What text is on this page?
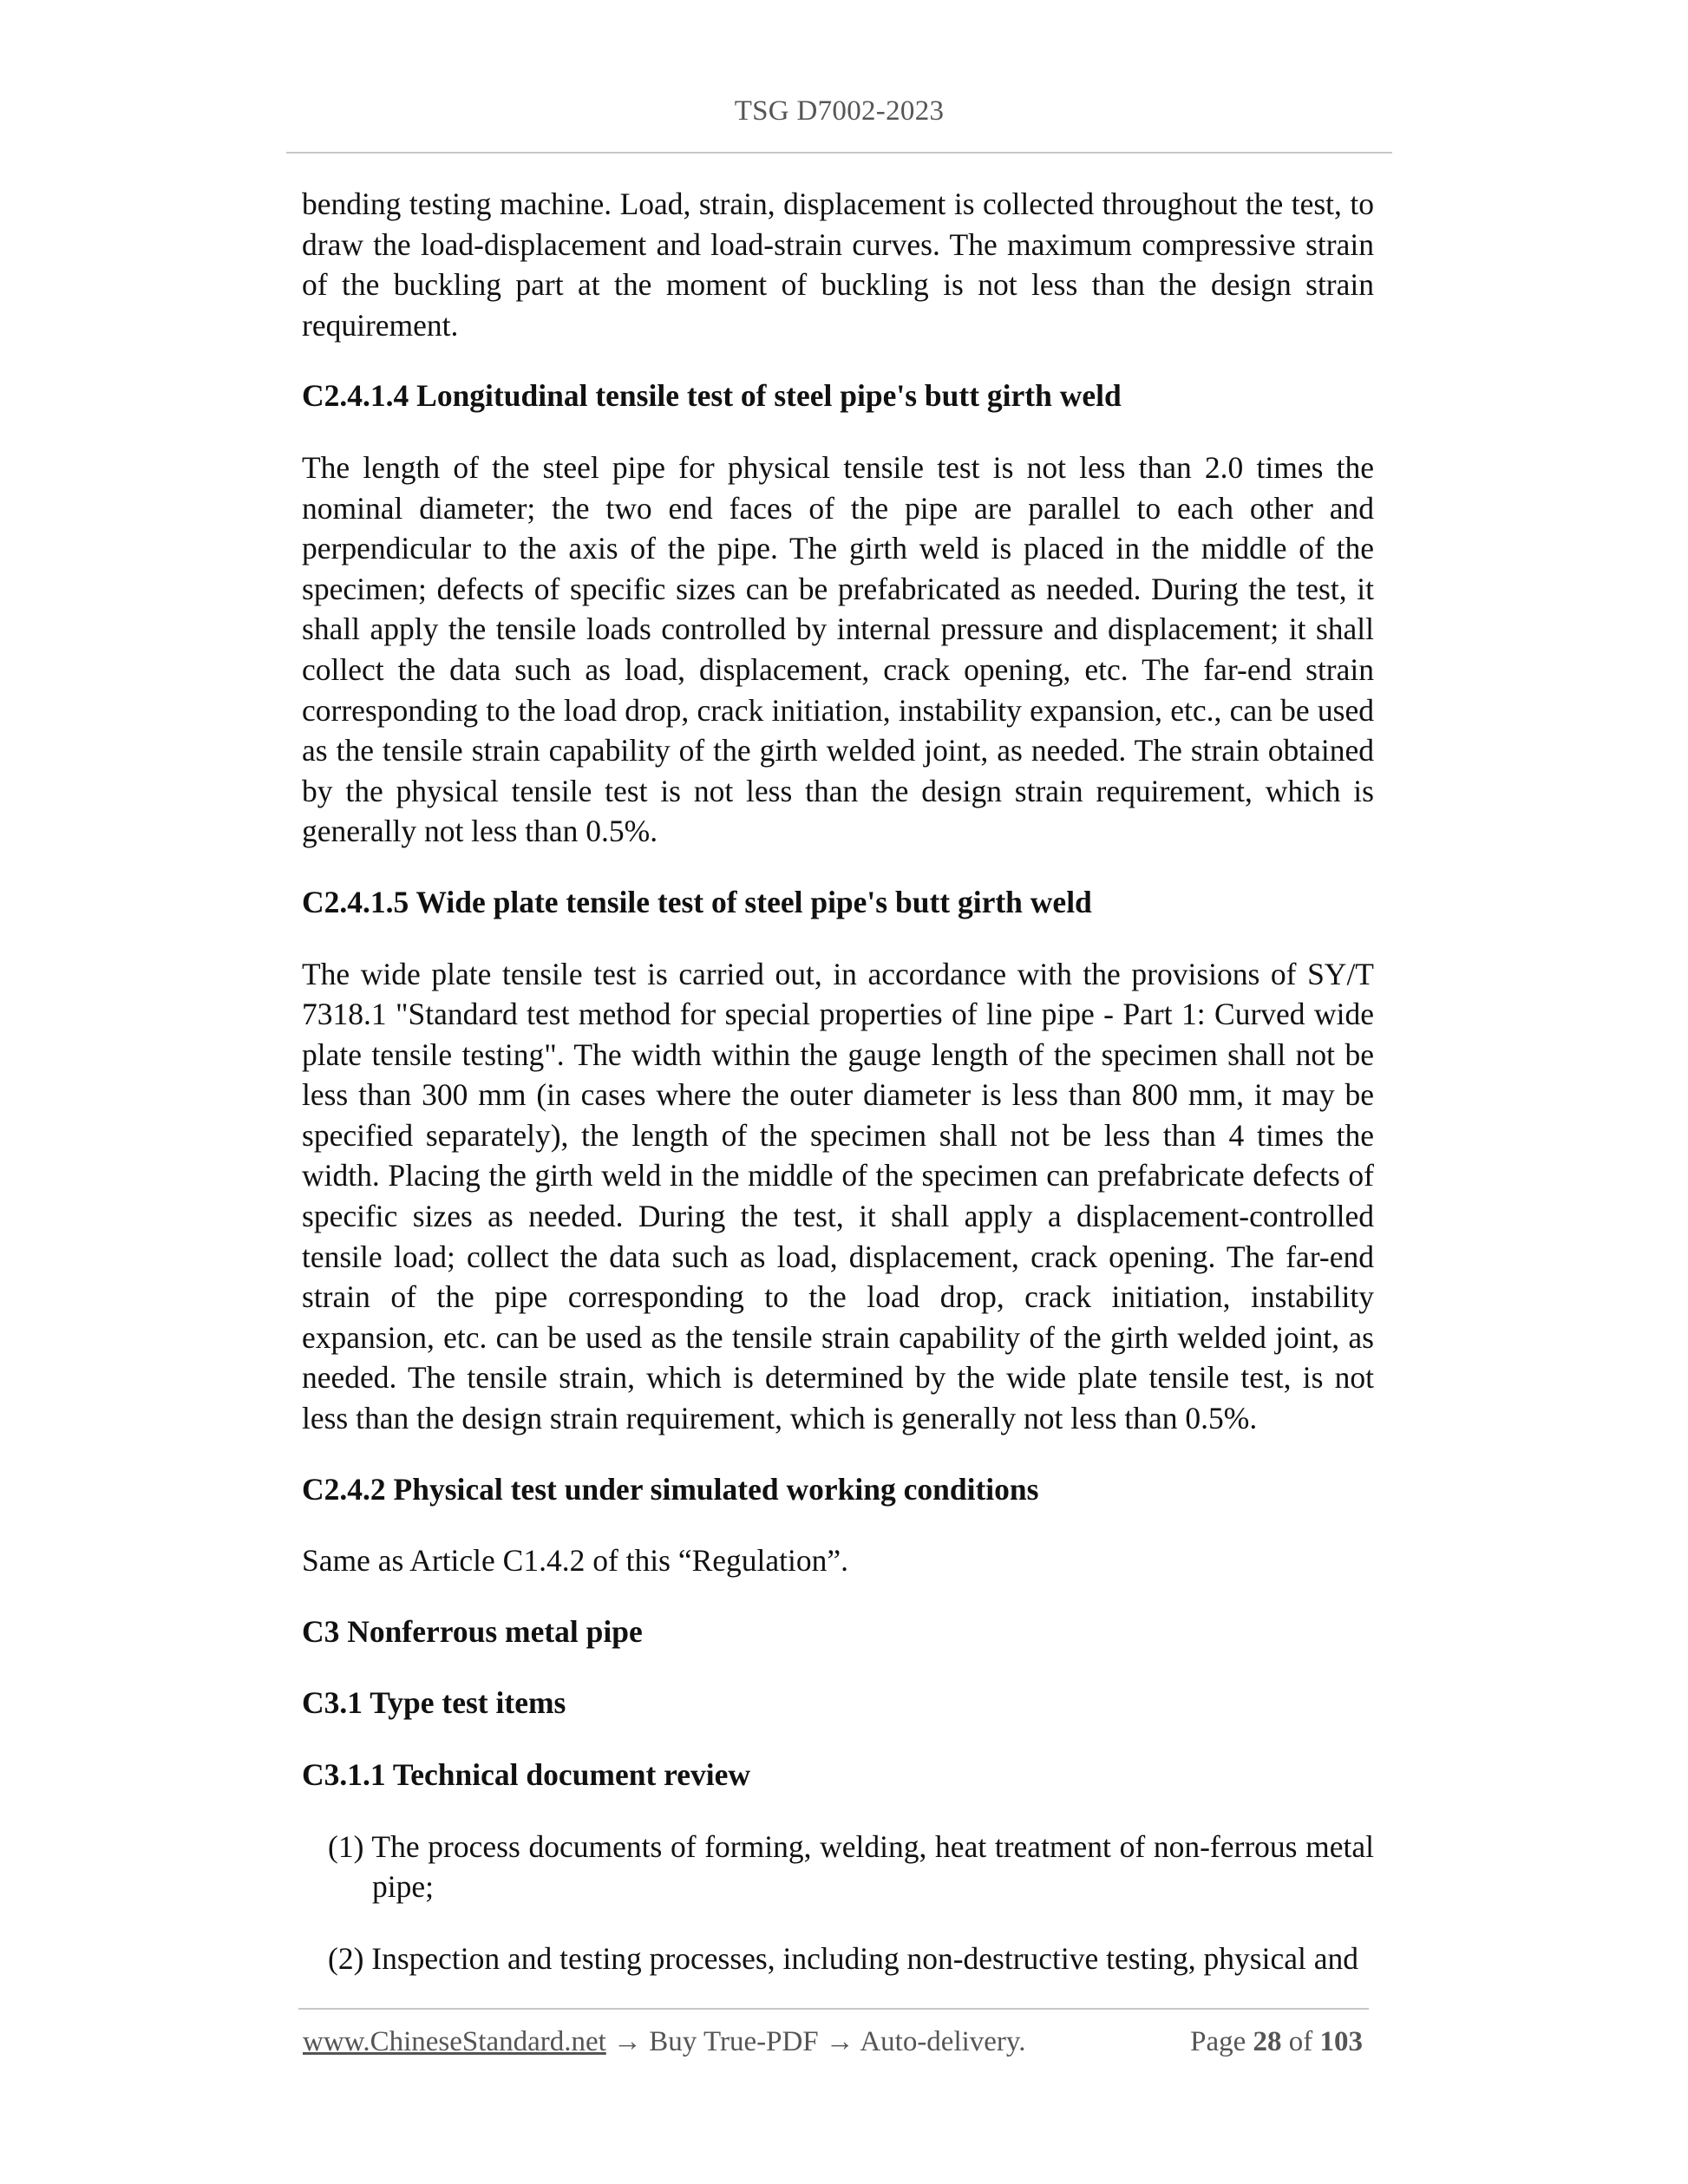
TSG D7002-2023

bending testing machine. Load, strain, displacement is collected throughout the test, to draw the load-displacement and load-strain curves. The maximum compressive strain of the buckling part at the moment of buckling is not less than the design strain requirement.

C2.4.1.4 Longitudinal tensile test of steel pipe's butt girth weld

The length of the steel pipe for physical tensile test is not less than 2.0 times the nominal diameter; the two end faces of the pipe are parallel to each other and perpendicular to the axis of the pipe. The girth weld is placed in the middle of the specimen; defects of specific sizes can be prefabricated as needed. During the test, it shall apply the tensile loads controlled by internal pressure and displacement; it shall collect the data such as load, displacement, crack opening, etc. The far-end strain corresponding to the load drop, crack initiation, instability expansion, etc., can be used as the tensile strain capability of the girth welded joint, as needed. The strain obtained by the physical tensile test is not less than the design strain requirement, which is generally not less than 0.5%.

C2.4.1.5 Wide plate tensile test of steel pipe's butt girth weld

The wide plate tensile test is carried out, in accordance with the provisions of SY/T 7318.1 "Standard test method for special properties of line pipe - Part 1: Curved wide plate tensile testing". The width within the gauge length of the specimen shall not be less than 300 mm (in cases where the outer diameter is less than 800 mm, it may be specified separately), the length of the specimen shall not be less than 4 times the width. Placing the girth weld in the middle of the specimen can prefabricate defects of specific sizes as needed. During the test, it shall apply a displacement-controlled tensile load; collect the data such as load, displacement, crack opening. The far-end strain of the pipe corresponding to the load drop, crack initiation, instability expansion, etc. can be used as the tensile strain capability of the girth welded joint, as needed. The tensile strain, which is determined by the wide plate tensile test, is not less than the design strain requirement, which is generally not less than 0.5%.

C2.4.2 Physical test under simulated working conditions

Same as Article C1.4.2 of this “Regulation”.

C3 Nonferrous metal pipe

C3.1 Type test items

C3.1.1 Technical document review

(1) The process documents of forming, welding, heat treatment of non-ferrous metal pipe;

(2) Inspection and testing processes, including non-destructive testing, physical and

www.ChineseStandard.net → Buy True-PDF → Auto-delivery.	Page 28 of 103
